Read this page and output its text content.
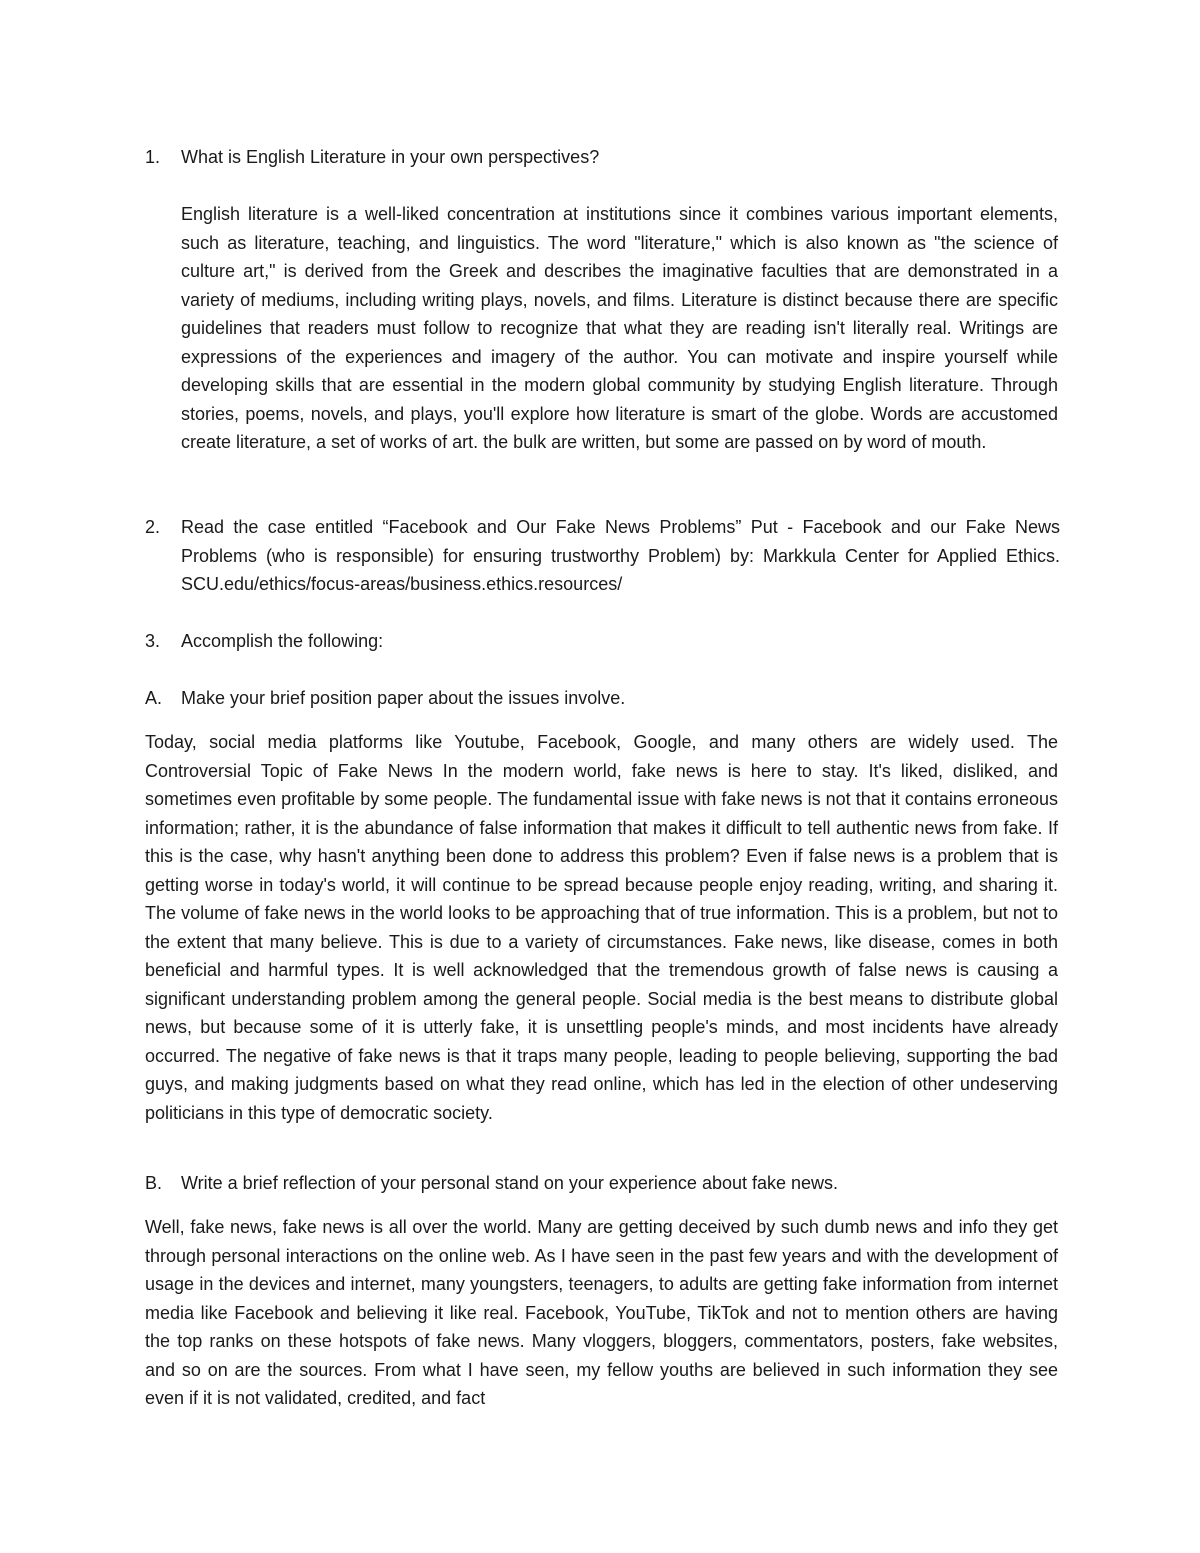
1.	What is English Literature in your own perspectives?
English literature is a well-liked concentration at institutions since it combines various important elements, such as literature, teaching, and linguistics. The word "literature," which is also known as "the science of culture art," is derived from the Greek and describes the imaginative faculties that are demonstrated in a variety of mediums, including writing plays, novels, and films. Literature is distinct because there are specific guidelines that readers must follow to recognize that what they are reading isn't literally real. Writings are expressions of the experiences and imagery of the author. You can motivate and inspire yourself while developing skills that are essential in the modern global community by studying English literature. Through stories, poems, novels, and plays, you'll explore how literature is smart of the globe. Words are accustomed create literature, a set of works of art. the bulk are written, but some are passed on by word of mouth.
2.	Read the case entitled “Facebook and Our Fake News Problems” Put - Facebook and our Fake News Problems (who is responsible) for ensuring trustworthy Problem) by: Markkula Center for Applied Ethics. SCU.edu/ethics/focus-areas/business.ethics.resources/
3.	Accomplish the following:
A.	Make your brief position paper about the issues involve.
Today, social media platforms like Youtube, Facebook, Google, and many others are widely used. The Controversial Topic of Fake News In the modern world, fake news is here to stay. It's liked, disliked, and sometimes even profitable by some people. The fundamental issue with fake news is not that it contains erroneous information; rather, it is the abundance of false information that makes it difficult to tell authentic news from fake. If this is the case, why hasn't anything been done to address this problem? Even if false news is a problem that is getting worse in today's world, it will continue to be spread because people enjoy reading, writing, and sharing it. The volume of fake news in the world looks to be approaching that of true information. This is a problem, but not to the extent that many believe. This is due to a variety of circumstances. Fake news, like disease, comes in both beneficial and harmful types. It is well acknowledged that the tremendous growth of false news is causing a significant understanding problem among the general people. Social media is the best means to distribute global news, but because some of it is utterly fake, it is unsettling people's minds, and most incidents have already occurred. The negative of fake news is that it traps many people, leading to people believing, supporting the bad guys, and making judgments based on what they read online, which has led in the election of other undeserving politicians in this type of democratic society.
B.	Write a brief reflection of your personal stand on your experience about fake news.
Well, fake news, fake news is all over the world. Many are getting deceived by such dumb news and info they get through personal interactions on the online web. As I have seen in the past few years and with the development of usage in the devices and internet, many youngsters, teenagers, to adults are getting fake information from internet media like Facebook and believing it like real. Facebook, YouTube, TikTok and not to mention others are having the top ranks on these hotspots of fake news. Many vloggers, bloggers, commentators, posters, fake websites, and so on are the sources. From what I have seen, my fellow youths are believed in such information they see even if it is not validated, credited, and fact
